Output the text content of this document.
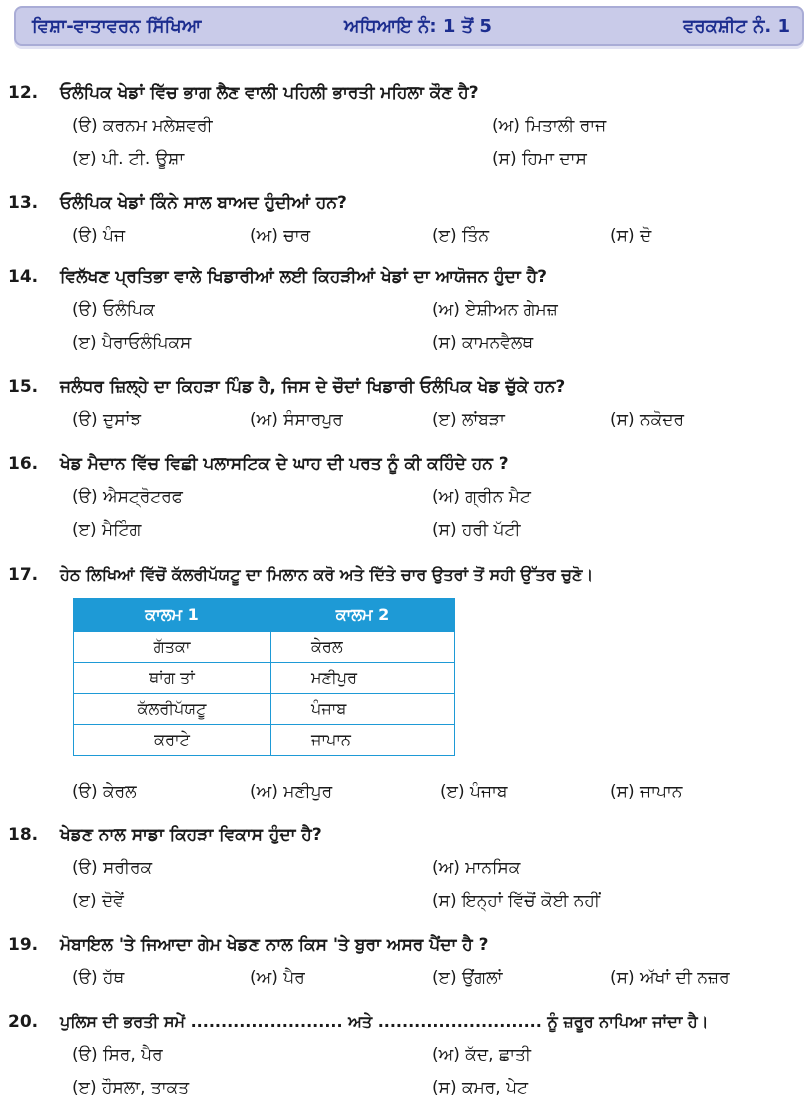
ਵਿਸ਼ਾ-ਵਾਤਾਵਰਨ ਸਿੱਖਿਆ	ਅਧਿਆਇ ਨੰ: 1 ਤੋਂ 5	ਵਰਕਸ਼ੀਟ ਨੰ. 1
12. ਓਲੰਪਿਕ ਖੇਡਾਂ ਵਿੱਚ ਭਾਗ ਲੈਣ ਵਾਲੀ ਪਹਿਲੀ ਭਾਰਤੀ ਮਹਿਲਾ ਕੌਣ ਹੈ?
(ੳ) ਕਰਨਮ ਮਲੇਸ਼ਵਰੀ	(ਅ) ਮਿਤਾਲੀ ਰਾਜ
(ੲ) ਪੀ. ਟੀ. ਊਸ਼ਾ	(ਸ) ਹਿਮਾ ਦਾਸ
13. ਓਲੰਪਿਕ ਖੇਡਾਂ ਕਿੰਨੇ ਸਾਲ ਬਾਅਦ ਹੁੰਦੀਆਂ ਹਨ?
(ੳ) ਪੰਜ	(ਅ) ਚਾਰ	(ੲ) ਤਿੰਨ	(ਸ) ਦੋ
14. ਵਿਲੱਖਣ ਪ੍ਰਤਿਭਾ ਵਾਲੇ ਖਿਡਾਰੀਆਂ ਲਈ ਕਿਹੜੀਆਂ ਖੇਡਾਂ ਦਾ ਆਯੋਜਨ ਹੁੰਦਾ ਹੈ?
(ੳ) ਓਲੰਪਿਕ	(ਅ) ਏਸ਼ੀਅਨ ਗੇਮਜ਼
(ੲ) ਪੈਰਾਓਲੰਪਿਕਸ	(ਸ) ਕਾਮਨਵੈਲਥ
15. ਜਲੰਧਰ ਜ਼ਿਲ੍ਹੇ ਦਾ ਕਿਹੜਾ ਪਿੰਡ ਹੈ, ਜਿਸ ਦੇ ਚੌਦਾਂ ਖਿਡਾਰੀ ਓਲੰਪਿਕ ਖੇਡ ਚੁੱਕੇ ਹਨ?
(ੳ) ਦੁਸਾਂਝ	(ਅ) ਸੰਸਾਰਪੁਰ	(ੲ) ਲਾਂਬੜਾ	(ਸ) ਨਕੋਦਰ
16. ਖੇਡ ਮੈਦਾਨ ਵਿੱਚ ਵਿਛੀ ਪਲਾਸਟਿਕ ਦੇ ਘਾਹ ਦੀ ਪਰਤ ਨੂੰ ਕੀ ਕਹਿੰਦੇ ਹਨ ?
(ੳ) ਐਸਟ੍ਰੋਟਰਫ	(ਅ) ਗ੍ਰੀਨ ਮੈਟ
(ੲ) ਮੈਟਿੰਗ	(ਸ) ਹਰੀ ਪੱਟੀ
17. ਹੇਠ ਲਿਖਿਆਂ ਵਿੱਚੋਂ ਕੱਲਰੀਪੱਯਟੂ ਦਾ ਮਿਲਾਨ ਕਰੋ ਅਤੇ ਦਿੱਤੇ ਚਾਰ ਉਤਰਾਂ ਤੋਂ ਸਹੀ ਉੱਤਰ ਚੁਣੋ।
ਕਾਲਮ 1	ਕਾਲਮ 2
ਗੱਤਕਾ	ਕੇਰਲ
ਥਾਂਗ ਤਾਂ	ਮਣੀਪੁਰ
ਕੱਲਰੀਪੱਯਟੂ	ਪੰਜਾਬ
ਕਰਾਟੇ	ਜਾਪਾਨ
(ੳ) ਕੇਰਲ	(ਅ) ਮਣੀਪੁਰ	(ੲ) ਪੰਜਾਬ	(ਸ) ਜਾਪਾਨ
18. ਖੇਡਣ ਨਾਲ ਸਾਡਾ ਕਿਹੜਾ ਵਿਕਾਸ ਹੁੰਦਾ ਹੈ?
(ੳ) ਸਰੀਰਕ	(ਅ) ਮਾਨਸਿਕ
(ੲ) ਦੋਵੇਂ	(ਸ) ਇਨ੍ਹਾਂ ਵਿੱਚੋਂ ਕੋਈ ਨਹੀਂ
19. ਮੋਬਾਇਲ 'ਤੇ ਜਿਆਦਾ ਗੇਮ ਖੇਡਣ ਨਾਲ ਕਿਸ 'ਤੇ ਬੁਰਾ ਅਸਰ ਪੈਂਦਾ ਹੈ ?
(ੳ) ਹੱਥ	(ਅ) ਪੈਰ	(ੲ) ਉਂਗਲਾਂ	(ਸ) ਅੱਖਾਂ ਦੀ ਨਜ਼ਰ
20. ਪੁਲਿਸ ਦੀ ਭਰਤੀ ਸਮੇਂ ......................... ਅਤੇ ........................... ਨੂੰ ਜ਼ਰੂਰ ਨਾਪਿਆ ਜਾਂਦਾ ਹੈ।
(ੳ) ਸਿਰ, ਪੈਰ	(ਅ) ਕੱਦ, ਛਾਤੀ
(ੲ) ਹੌਸਲਾ, ਤਾਕਤ	(ਸ) ਕਮਰ, ਪੇਟ
